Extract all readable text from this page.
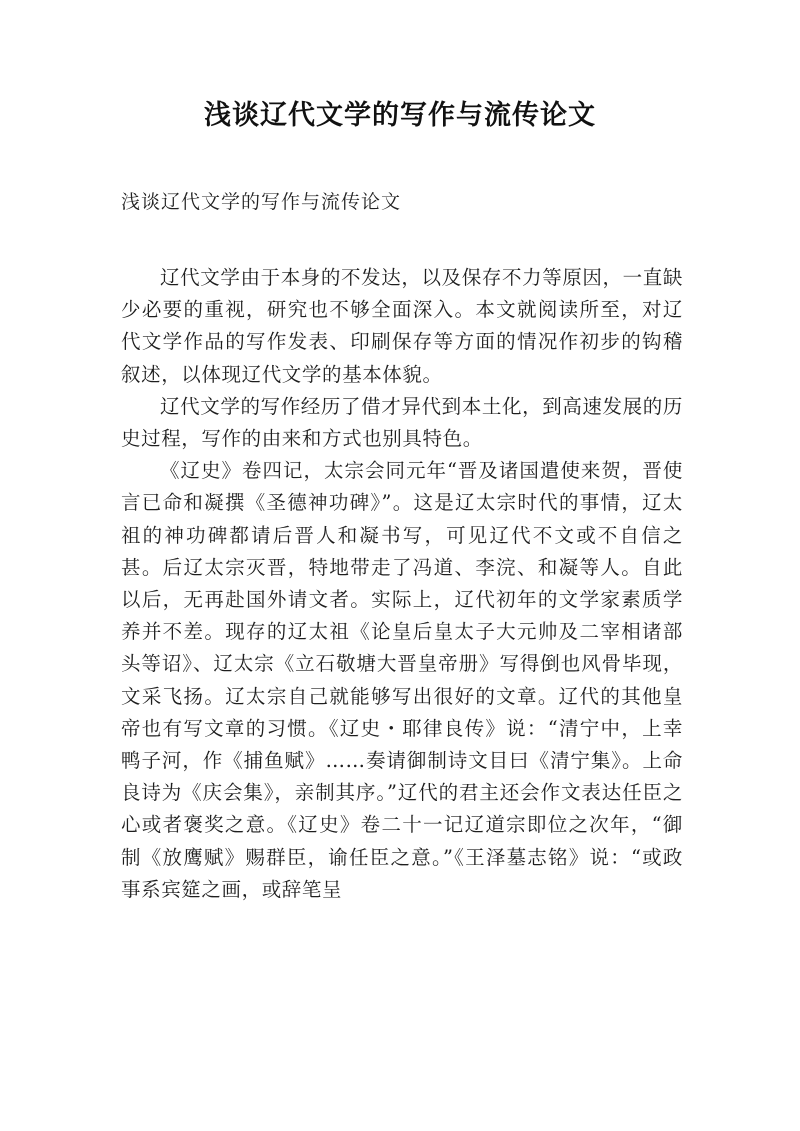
浅谈辽代文学的写作与流传论文
浅谈辽代文学的写作与流传论文

辽代文学由于本身的不发达，以及保存不力等原因，一直缺少必要的重视，研究也不够全面深入。本文就阅读所至，对辽代文学作品的写作发表、印刷保存等方面的情况作初步的钩稽叙述，以体现辽代文学的基本体貌。

辽代文学的写作经历了借才异代到本土化，到高速发展的历史过程，写作的由来和方式也别具特色。

《辽史》卷四记，太宗会同元年“晋及诸国遣使来贺，晋使言已命和凝撰《圣德神功碑》”。这是辽太宗时代的事情，辽太祖的神功碑都请后晋人和凝书写，可见辽代不文或不自信之甚。后辽太宗灭晋，特地带走了冯道、李浣、和凝等人。自此以后，无再赴国外请文者。实际上，辽代初年的文学家素质学养并不差。现存的辽太祖《论皇后皇太子大元帅及二宰相诸部头等诏》、辽太宗《立石敬塘大晋皇帝册》写得倒也风骨毕现，文采飞扬。辽太宗自己就能够写出很好的文章。辽代的其他皇帝也有写文章的习惯。《辽史・耶律良传》说：“清宁中，上幸鸭子河，作《捕鱼赋》……奏请御制诗文目曰《清宁集》。上命良诗为《庆会集》，亲制其序。”辽代的君主还会作文表达任臣之心或者褒奖之意。《辽史》卷二十一记辽道宗即位之次年，“御制《放鹰赋》赐群臣，谕任臣之意。”《王泽墓志铭》说：“或政事系宾筵之画，或辞笔呈
